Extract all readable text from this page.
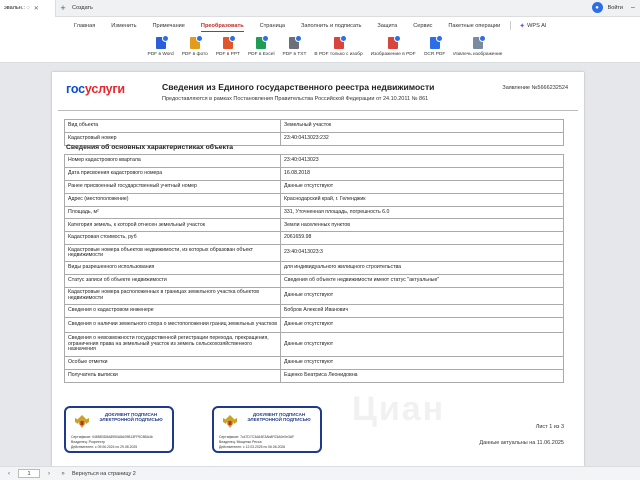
эвальн.: ◌ ✕	+	Создать	●	Войти	–
Главная	Изменить	Примечание	Преобразовать	Страница	Заполнить и подписать	Защита	Сервис	Пакетные операции	✦ WPS AI
PDF в Word PDF в фото PDF в PPT PDF в Excel PDF в TXT В PDF только с изобр Изображение в PDF OCR PDF Извлечь изображение
Циан
госуслуги	Сведения из Единого государственного реестра недвижимости
Предоставляются в рамках Постановления Правительства Российской Федерации от 24.10.2011 № 861
Заявление №5666232524
Вид объекта	Земельный участок
Кадастровый номер	23:40:0413023:232
Сведения об основных характеристиках объекта
Номер кадастрового квартала	23:40:0413023
Дата присвоения кадастрового номера	16.08.2018
Ранее присвоенный государственный учетный номер	Данные отсутствуют
Адрес (местоположение)	Краснодарский край, г. Геленджик
Площадь, м²	331, Уточненная площадь, погрешность 6.0
Категория земель, к которой отнесен земельный участок	Земли населенных пунктов
Кадастровая стоимость, руб	2061659.98
Кадастровые номера объектов недвижимости, из которых образован объект недвижимости	23:40:0413023:3
Виды разрешенного использования	для индивидуального жилищного строительства
Статус записи об объекте недвижимости	Сведения об объекте недвижимости имеют статус "актуальные"
Кадастровые номера расположенных в границах земельного участка объектов недвижимости	Данные отсутствуют
Сведения о кадастровом инженере	Бобров Алексей Иванович
Сведения о наличии земельного спора о местоположении границ земельных участков	Данные отсутствуют
Сведения о невозможности государственной регистрации перехода, прекращения, ограничения права на земельный участок из земель сельскохозяйственного назначения	Данные отсутствуют
Особые отметки	Данные отсутствуют
Получатель выписки	Ещенко Беатриса Леонидовна
ДОКУМЕНТ ПОДПИСАН ЭЛЕКТРОННОЙ ПОДПИСЬЮ
Сертификат: 0485B3D8A8950A8A09B13FF9C8BA4b
Владелец: Росреестр
Действителен: с 09.06.2024 по 29.08.2025
ДОКУМЕНТ ПОДПИСАН ЭЛЕКТРОННОЙ ПОДПИСЬЮ
Сертификат: 7c47D7C3A64E3Ab8F03A0e0e3AF
Владелец: Мощенко Ресса
Действителен: с 12.03.2025 по 06.06.2026
Лист 1 из 3
Данные актуальны на 11.06.2025
‹	1	›	»	Вернуться на страницу 2
